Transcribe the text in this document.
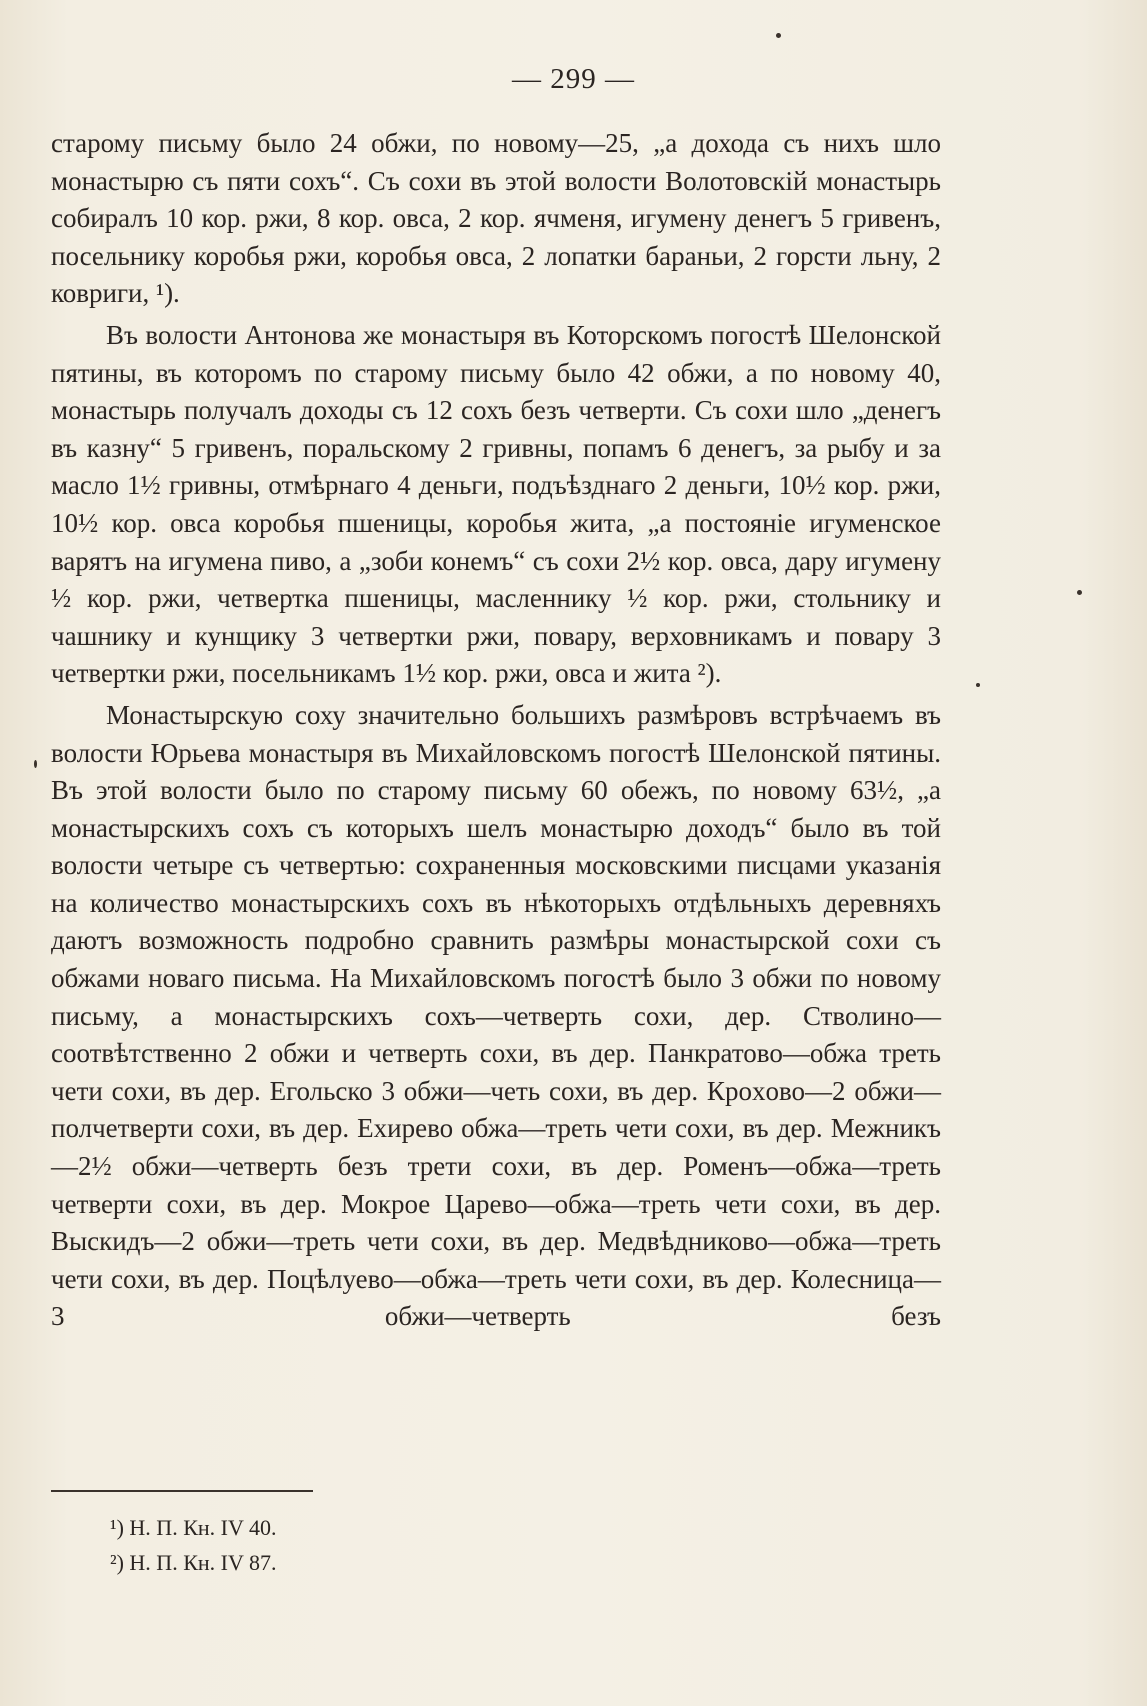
— 299 —

старому письму было 24 обжи, по новому—25, „а дохода съ нихъ шло монастырю съ пяти сохъ“. Съ сохи въ этой волости Волотовскій монастырь собиралъ 10 кор. ржи, 8 кор. овса, 2 кор. ячменя, игумену денегъ 5 гривенъ, посельнику коробья ржи, коробья овса, 2 лопатки бараньи, 2 горсти льну, 2 ковриги, ¹).

Въ волости Антонова же монастыря въ Которскомъ погостѣ Шелонской пятины, въ которомъ по старому письму было 42 обжи, а по новому 40, монастырь получалъ доходы съ 12 сохъ безъ четверти. Съ сохи шло „денегъ въ казну“ 5 гривенъ, поральскому 2 гривны, попамъ 6 денегъ, за рыбу и за масло 1½ гривны, отмѣрнаго 4 деньги, подъѣзднаго 2 деньги, 10½ кор. ржи, 10½ кор. овса коробья пшеницы, коробья жита, „а постояніе игуменское варятъ на игумена пиво, а „зоби конемъ“ съ сохи 2½ кор. овса, дару игумену ½ кор. ржи, четвертка пшеницы, масленнику ½ кор. ржи, стольнику и чашнику и кунщику 3 четвертки ржи, повару, верховникамъ и повару 3 четвертки ржи, посельникамъ 1½ кор. ржи, овса и жита ²).

Монастырскую соху значительно большихъ размѣровъ встрѣчаемъ въ волости Юрьева монастыря въ Михайловскомъ погостѣ Шелонской пятины. Въ этой волости было по старому письму 60 обежъ, по новому 63½, „а монастырскихъ сохъ съ которыхъ шелъ монастырю доходъ“ было въ той волости четыре съ четвертью: сохраненныя московскими писцами указанія на количество монастырскихъ сохъ въ нѣкоторыхъ отдѣльныхъ деревняхъ даютъ возможность подробно сравнить размѣры монастырской сохи съ обжами новаго письма. На Михайловскомъ погостѣ было 3 обжи по новому письму, а монастырскихъ сохъ—четверть сохи, дер. Стволино—соотвѣтственно 2 обжи и четверть сохи, въ дер. Панкратово—обжа треть чети сохи, въ дер. Егольско 3 обжи—четь сохи, въ дер. Кроxово—2 обжи—полчетверти сохи, въ дер. Ехирево обжа—треть чети сохи, въ дер. Межникъ—2½ обжи—четверть безъ трети сохи, въ дер. Роменъ—обжа—треть четверти сохи, въ дер. Мокрое Царево—обжа—треть чети сохи, въ дер. Выскидъ—2 обжи—треть чети сохи, въ дер. Медвѣдниково—обжа—треть чети сохи, въ дер. Поцѣлуево—обжа—треть чети сохи, въ дер. Колесница—3 обжи—четверть безъ

¹) Н. П. Кн. IV 40.
²) Н. П. Кн. IV 87.
